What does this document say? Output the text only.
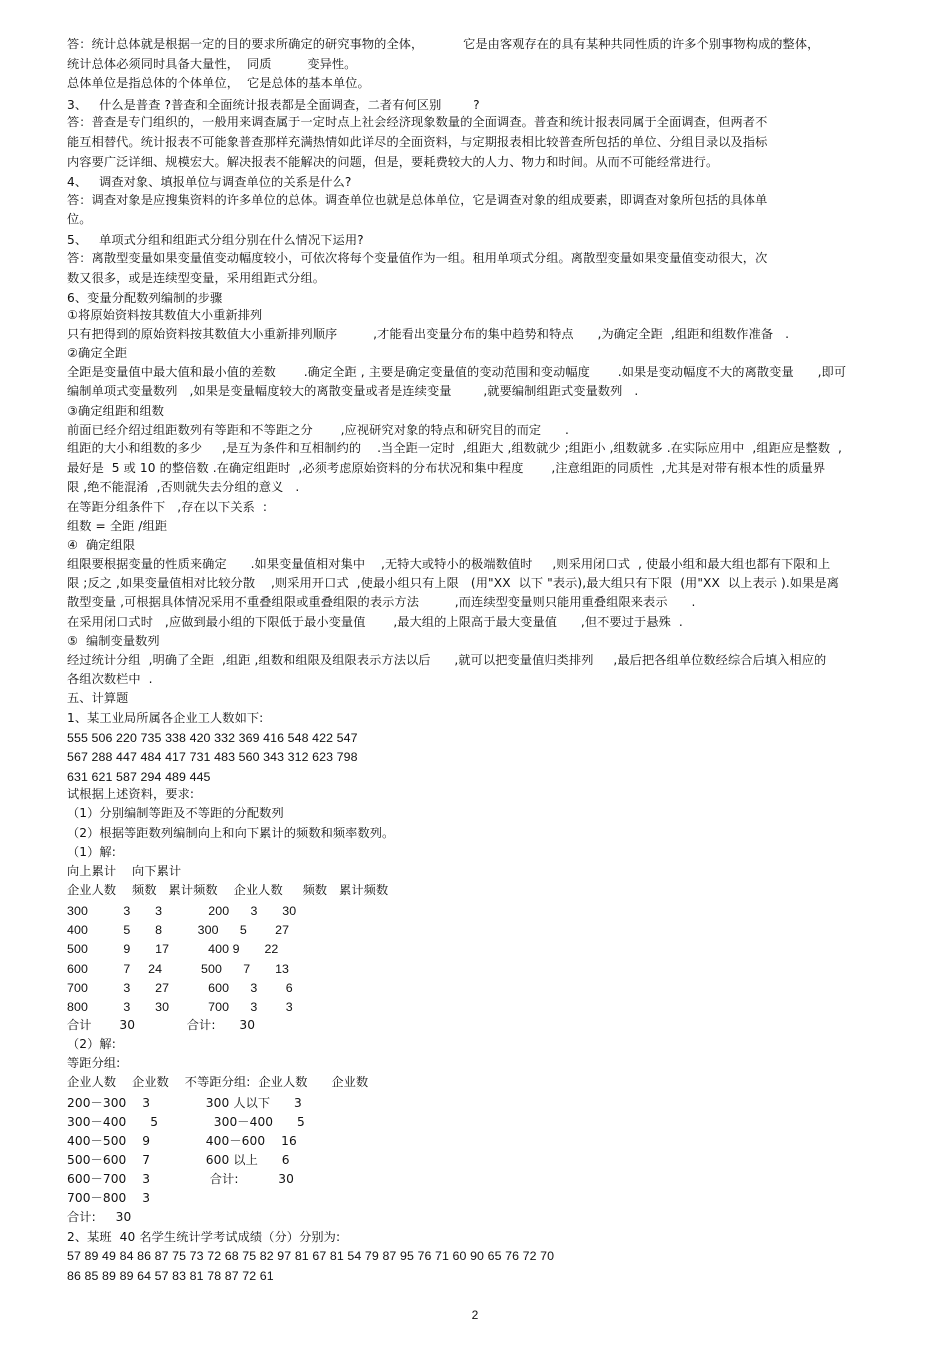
答：统计总体就是根据一定的目的要求所确定的研究事物的全体，          它是由客观存在的具有某种共同性质的许多个别事物构成的整体，
统计总体必须同时具备大量性，  同质         变异性。
总体单位是指总体的个体单位，  它是总体的基本单位。
3、   什么是普查 ?普查和全面统计报表都是全面调查，二者有何区别        ?
答：普查是专门组织的，一般用来调查属于一定时点上社会经济现象数量的全面调查。普查和统计报表同属于全面调查，但两者不
能互相替代。统计报表不可能象普查那样充满热情如此详尽的全面资料，与定期报表相比较普查所包括的单位、分组目录以及指标
内容要广泛详细、规模宏大。解决报表不能解决的问题，但是，要耗费较大的人力、物力和时间。从而不可能经常进行。
4、   调查对象、填报单位与调查单位的关系是什么?
答：调查对象是应搜集资料的许多单位的总体。调查单位也就是总体单位，它是调查对象的组成要素，即调查对象所包括的具体单
位。
5、   单项式分组和组距式分组分别在什么情况下运用?
答：离散型变量如果变量值变动幅度较小，可依次将每个变量值作为一组。租用单项式分组。离散型变量如果变量值变动很大，次
数又很多，或是连续型变量，采用组距式分组。
6、变量分配数列编制的步骤
①将原始资料按其数值大小重新排列
只有把得到的原始资料按其数值大小重新排列顺序         ,才能看出变量分布的集中趋势和特点      ,为确定全距  ,组距和组数作准备   .
②确定全距
全距是变量值中最大值和最小值的差数       .确定全距 , 主要是确定变量值的变动范围和变动幅度       .如果是变动幅度不大的离散变量      ,即可
编制单项式变量数列   ,如果是变量幅度较大的离散变量或者是连续变量        ,就要编制组距式变量数列   .
③确定组距和组数
前面已经介绍过组距数列有等距和不等距之分       ,应视研究对象的特点和研究目的而定      .
组距的大小和组数的多少     ,是互为条件和互相制约的    .当全距一定时  ,组距大 ,组数就少 ;组距小 ,组数就多 .在实际应用中  ,组距应是整数  ,
最好是  5 或 10 的整倍数 .在确定组距时  ,必须考虑原始资料的分布状况和集中程度       ,注意组距的同质性  ,尤其是对带有根本性的质量界
限 ,绝不能混淆  ,否则就失去分组的意义   .
在等距分组条件下   ,存在以下关系  :
组数 = 全距 /组距
④  确定组限
组限要根据变量的性质来确定      .如果变量值相对集中    ,无特大或特小的极端数值时     ,则采用闭口式  , 使最小组和最大组也都有下限和上
限 ;反之 ,如果变量值相对比较分散    ,则采用开口式  ,使最小组只有上限   (用"XX  以下 "表示),最大组只有下限  (用"XX  以上表示 ).如果是离
散型变量 ,可根据具体情况采用不重叠组限或重叠组限的表示方法         ,而连续型变量则只能用重叠组限来表示      .
在采用闭口式时   ,应做到最小组的下限低于最小变量值       ,最大组的上限高于最大变量值      ,但不要过于悬殊  .
⑤  编制变量数列
经过统计分组  ,明确了全距  ,组距 ,组数和组限及组限表示方法以后      ,就可以把变量值归类排列     ,最后把各组单位数经综合后填入相应的
各组次数栏中  .
五、计算题
1、某工业局所属各企业工人数如下:
555 506 220 735 338 420 332 369 416 548 422 547
567 288 447 484 417 731 483 560 343 312 623 798
631 621 587 294 489 445
试根据上述资料，要求:
（1）分别编制等距及不等距的分配数列
（2）根据等距数列编制向上和向下累计的频数和频率数列。
（1）解:
向上累计    向下累计
企业人数    频数   累计频数    企业人数     频数   累计频数
300          3       3             200      3       30
400          5       8          300      5        27
500          9       17           400 9       22
600          7     24           500      7       13
700          3       27           600      3        6
800          3       30           700      3        3
合计       30             合计:      30
（2）解:
等距分组:
企业人数    企业数    不等距分组:  企业人数      企业数
200－300    3              300 人以下      3
300－400      5              300－400      5
400－500    9              400－600    16
500－600    7              600 以上      6
600－700    3               合计:          30
700－800    3
合计:     30
2、某班  40 名学生统计学考试成绩（分）分别为:
57 89 49 84 86 87 75 73 72 68 75 82 97 81 67 81 54 79 87 95 76 71 60 90 65 76 72 70
86 85 89 89 64 57 83 81 78 87 72 61
2
